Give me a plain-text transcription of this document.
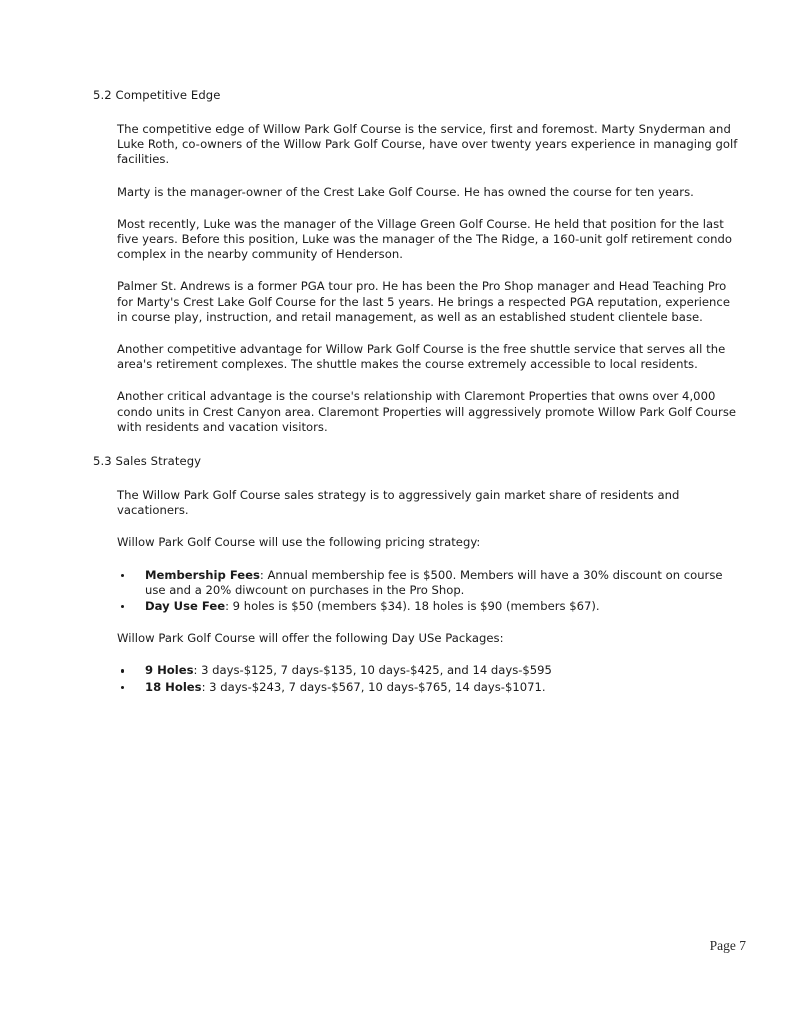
5.2 Competitive Edge

The competitive edge of Willow Park Golf Course is the service, first and foremost. Marty Snyderman and Luke Roth, co-owners of the Willow Park Golf Course, have over twenty years experience in managing golf facilities.

Marty is the manager-owner of the Crest Lake Golf Course. He has owned the course for ten years.

Most recently, Luke was the manager of the Village Green Golf Course. He held that position for the last five years. Before this position, Luke was the manager of the The Ridge, a 160-unit golf retirement condo complex in the nearby community of Henderson.

Palmer St. Andrews is a former PGA tour pro. He has been the Pro Shop manager and Head Teaching Pro for Marty's Crest Lake Golf Course for the last 5 years. He brings a respected PGA reputation, experience in course play, instruction, and retail management, as well as an established student clientele base.

Another competitive advantage for Willow Park Golf Course is the free shuttle service that serves all the area's retirement complexes. The shuttle makes the course extremely accessible to local residents.

Another critical advantage is the course's relationship with Claremont Properties that owns over 4,000 condo units in Crest Canyon area. Claremont Properties will aggressively promote Willow Park Golf Course with residents and vacation visitors.

5.3 Sales Strategy

The Willow Park Golf Course sales strategy is to aggressively gain market share of residents and vacationers.

Willow Park Golf Course will use the following pricing strategy:

Membership Fees: Annual membership fee is $500. Members will have a 30% discount on course use and a 20% diwcount on purchases in the Pro Shop.
Day Use Fee: 9 holes is $50 (members $34). 18 holes is $90 (members $67).

Willow Park Golf Course will offer the following Day USe Packages:

9 Holes: 3 days-$125, 7 days-$135, 10 days-$425, and 14 days-$595
18 Holes: 3 days-$243, 7 days-$567, 10 days-$765, 14 days-$1071.
Page 7
